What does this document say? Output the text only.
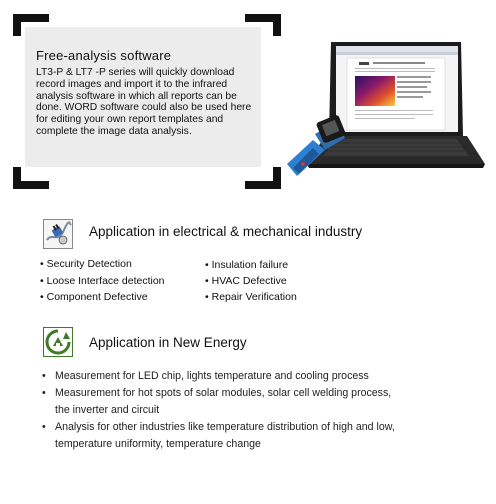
Free-analysis software
LT3-P & LT7 -P series will quickly download
record images and import it to the infrared
analysis software in which all reports can be
done. WORD software could also be used here
for editing your own report templates and
complete the image data analysis.
Application in electrical & mechanical industry
• Security Detection
• Loose Interface detection
• Component Defective
• Insulation failure
• HVAC Defective
• Repair Verification
Application in New Energy
• Measurement for LED chip, lights temperature and cooling process
• Measurement for hot spots of solar modules, solar cell welding process,
the inverter and circuit
• Analysis for other industries like temperature distribution of high and low,
temperature uniformity, temperature change
